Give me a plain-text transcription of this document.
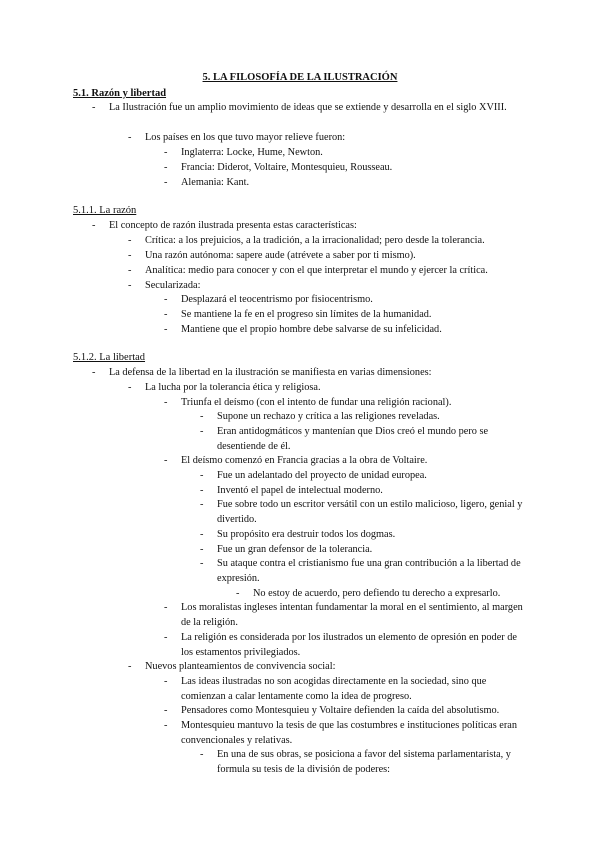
5. LA FILOSOFÍA DE LA ILUSTRACIÓN
5.1. Razón y libertad
- La Ilustración fue un amplio movimiento de ideas que se extiende y desarrolla en el siglo XVIII.
- Los países en los que tuvo mayor relieve fueron:
- Inglaterra: Locke, Hume, Newton.
- Francia: Diderot, Voltaire, Montesquieu, Rousseau.
- Alemania: Kant.
5.1.1. La razón
- El concepto de razón ilustrada presenta estas características:
- Crítica: a los prejuicios, a la tradición, a la irracionalidad; pero desde la tolerancia.
- Una razón autónoma: sapere aude (atrévete a saber por ti mismo).
- Analítica: medio para conocer y con el que interpretar el mundo y ejercer la crítica.
- Secularizada:
- Desplazará el teocentrismo por fisiocentrismo.
- Se mantiene la fe en el progreso sin límites de la humanidad.
- Mantiene que el propio hombre debe salvarse de su infelicidad.
5.1.2. La libertad
- La defensa de la libertad en la ilustración se manifiesta en varias dimensiones:
- La lucha por la tolerancia ética y religiosa.
- Triunfa el deísmo (con el intento de fundar una religión racional).
- Supone un rechazo y crítica a las religiones reveladas.
- Eran antidogmáticos y mantenían que Dios creó el mundo pero se desentiende de él.
- El deísmo comenzó en Francia gracias a la obra de Voltaire.
- Fue un adelantado del proyecto de unidad europea.
- Inventó el papel de intelectual moderno.
- Fue sobre todo un escritor versátil con un estilo malicioso, ligero, genial y divertido.
- Su propósito era destruir todos los dogmas.
- Fue un gran defensor de la tolerancia.
- Su ataque contra el cristianismo fue una gran contribución a la libertad de expresión.
- No estoy de acuerdo, pero defiendo tu derecho a expresarlo.
- Los moralistas ingleses intentan fundamentar la moral en el sentimiento, al margen de la religión.
- La religión es considerada por los ilustrados un elemento de opresión en poder de los estamentos privilegiados.
- Nuevos planteamientos de convivencia social:
- Las ideas ilustradas no son acogidas directamente en la sociedad, sino que comienzan a calar lentamente como la idea de progreso.
- Pensadores como Montesquieu y Voltaire defienden la caída del absolutismo.
- Montesquieu mantuvo la tesis de que las costumbres e instituciones políticas eran convencionales y relativas.
- En una de sus obras, se posiciona a favor del sistema parlamentarista, y formula su tesis de la división de poderes:
